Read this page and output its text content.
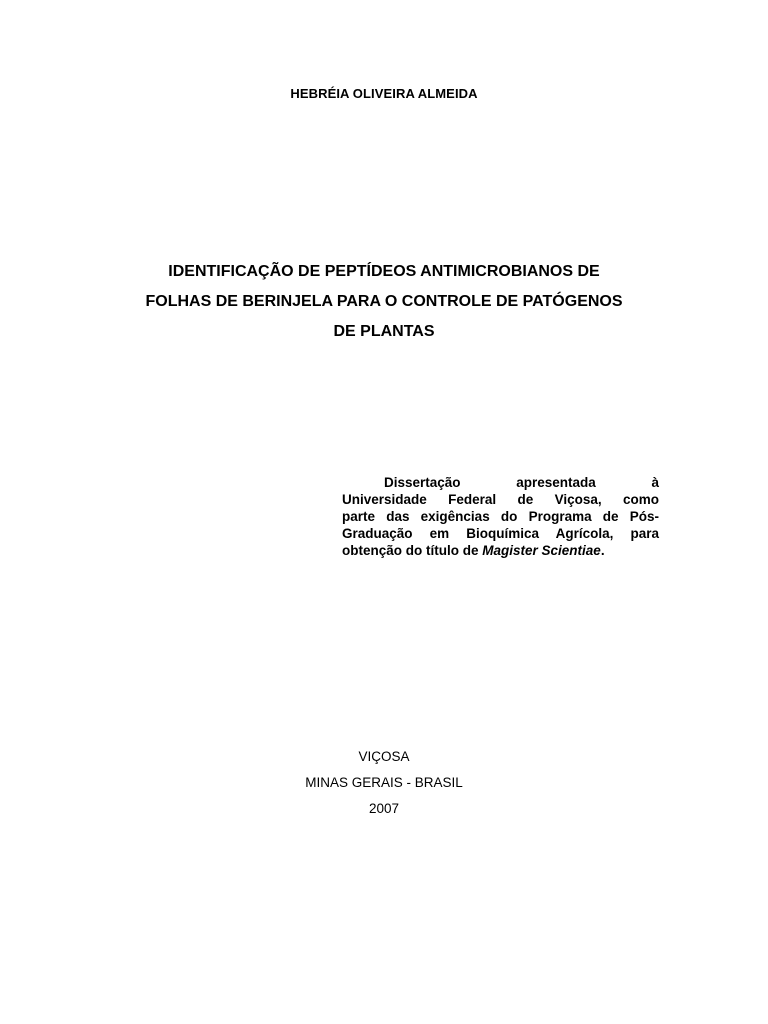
HEBRÉIA OLIVEIRA ALMEIDA
IDENTIFICAÇÃO DE PEPTÍDEOS ANTIMICROBIANOS DE
FOLHAS DE BERINJELA PARA O CONTROLE DE PATÓGENOS
DE PLANTAS
Dissertação apresentada à
Universidade Federal de Viçosa, como
parte das exigências do Programa de Pós-
Graduação em Bioquímica Agrícola, para
obtenção do título de Magister Scientiae.
VIÇOSA
MINAS GERAIS - BRASIL
2007
